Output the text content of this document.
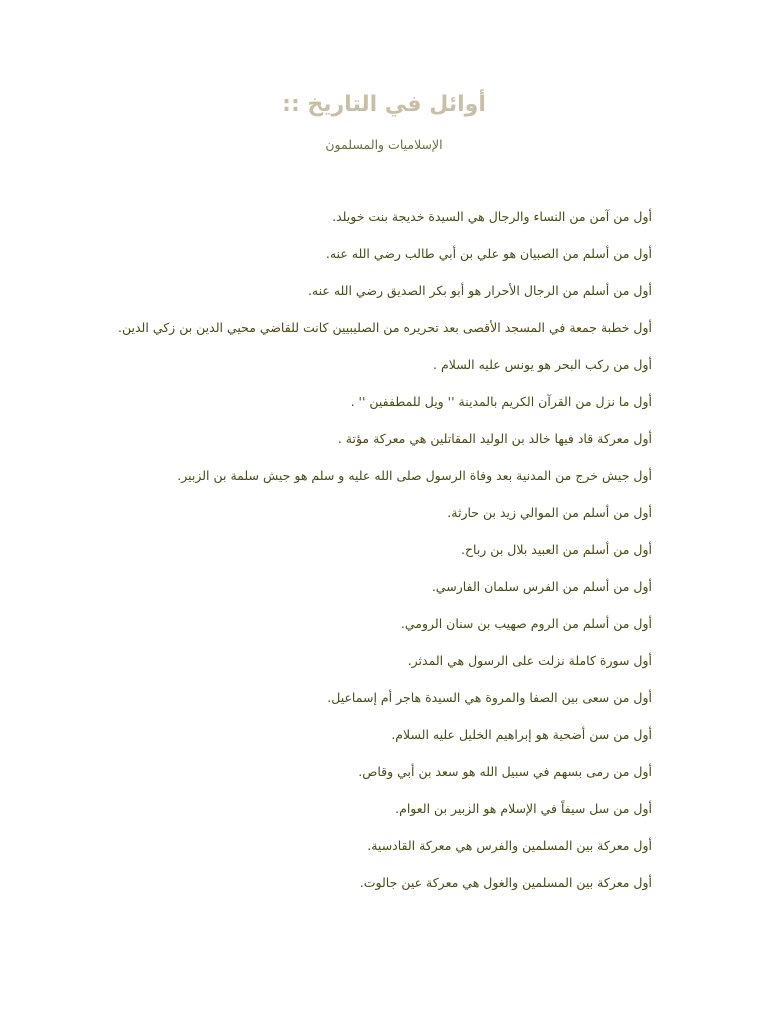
أوائل في التاريخ ::
الإسلاميات والمسلمون
أول من آمن من النساء والرجال هي السيدة خديجة بنت خويلد.
أول من أسلم من الصبيان هو علي بن أبي طالب رضي الله عنه.
أول من أسلم من الرجال الأحرار هو أبو بكر الصديق رضي الله عنه.
أول خطبة جمعة في المسجد الأقصى بعد تحريره من الصليبيين كانت للقاضي محيي الدين بن زكي الدين.
أول من ركب البحر هو يونس عليه السلام .
أول ما نزل من القرآن الكريم بالمدينة '' ويل للمطففين '' .
أول معركة قاد فيها خالد بن الوليد المقاتلين هي معركة مؤتة .
أول جيش خرج من المدنية بعد وفاة الرسول صلى الله عليه و سلم هو جيش سلمة بن الزبير.
أول من أسلم من الموالي زيد بن حارثة.
أول من أسلم من العبيد بلال بن رباح.
أول من أسلم من الفرس سلمان الفارسي.
أول من أسلم من الروم صهيب بن سنان الرومي.
أول سورة كاملة نزلت على الرسول هي المدثر.
أول من سعى بين الصفا والمروة هي السيدة هاجر أم إسماعيل.
أول من سن أضحية هو إبراهيم الخليل عليه السلام.
أول من رمى بسهم في سبيل الله هو سعد بن أبي وقاص.
أول من سل سيفاً في الإسلام هو الزبير بن العوام.
أول معركة بين المسلمين والفرس هي معركة القادسية.
أول معركة بين المسلمين والغول هي معركة عين جالوت.
